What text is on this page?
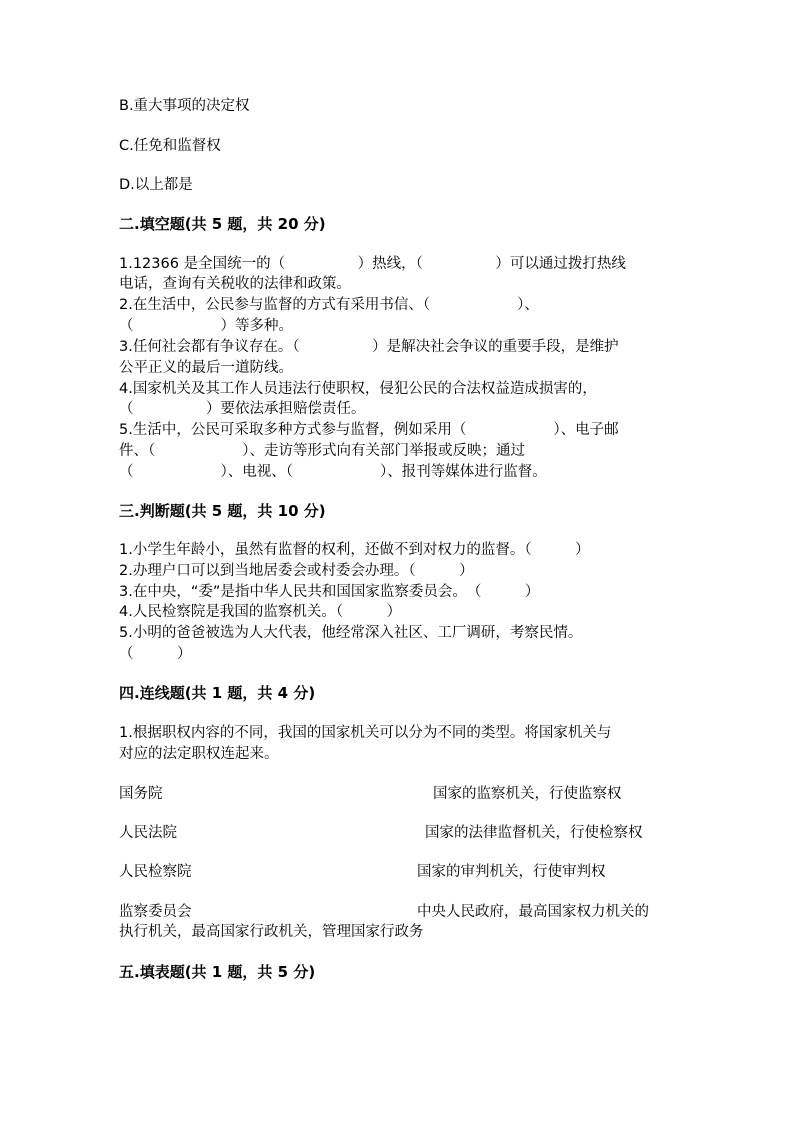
B.重大事项的决定权
C.任免和监督权
D.以上都是
二.填空题(共 5 题，共 20 分)
1.12366 是全国统一的（　　　　　）热线，（　　　　　）可以通过拨打热线
电话，查询有关税收的法律和政策。
2.在生活中，公民参与监督的方式有采用书信、（　　　　　　）、
（　　　　　　）等多种。
3.任何社会都有争议存在。（　　　　　）是解决社会争议的重要手段，是维护
公平正义的最后一道防线。
4.国家机关及其工作人员违法行使职权，侵犯公民的合法权益造成损害的，
（　　　　　）要依法承担赔偿责任。
5.生活中，公民可采取多种方式参与监督，例如采用（　　　　　　）、电子邮
件、（　　　　　　）、走访等形式向有关部门举报或反映；通过
（　　　　　　）、电视、（　　　　　　）、报刊等媒体进行监督。
三.判断题(共 5 题，共 10 分)
1.小学生年龄小，虽然有监督的权利，还做不到对权力的监督。（　　　）
2.办理户口可以到当地居委会或村委会办理。（　　　）
3.在中央，“委”是指中华人民共和国国家监察委员会。　（　　　）
4.人民检察院是我国的监察机关。（　　　）
5.小明的爸爸被选为人大代表，他经常深入社区、工厂调研，考察民情。
（　　　）
四.连线题(共 1 题，共 4 分)
1.根据职权内容的不同，我国的国家机关可以分为不同的类型。将国家机关与
对应的法定职权连起来。
国务院	国家的监察机关，行使监察权
人民法院	国家的法律监督机关，行使检察权
人民检察院	国家的审判机关，行使审判权
监察委员会	中央人民政府，最高国家权力机关的
执行机关，最高国家行政机关，管理国家行政务
五.填表题(共 1 题，共 5 分)
